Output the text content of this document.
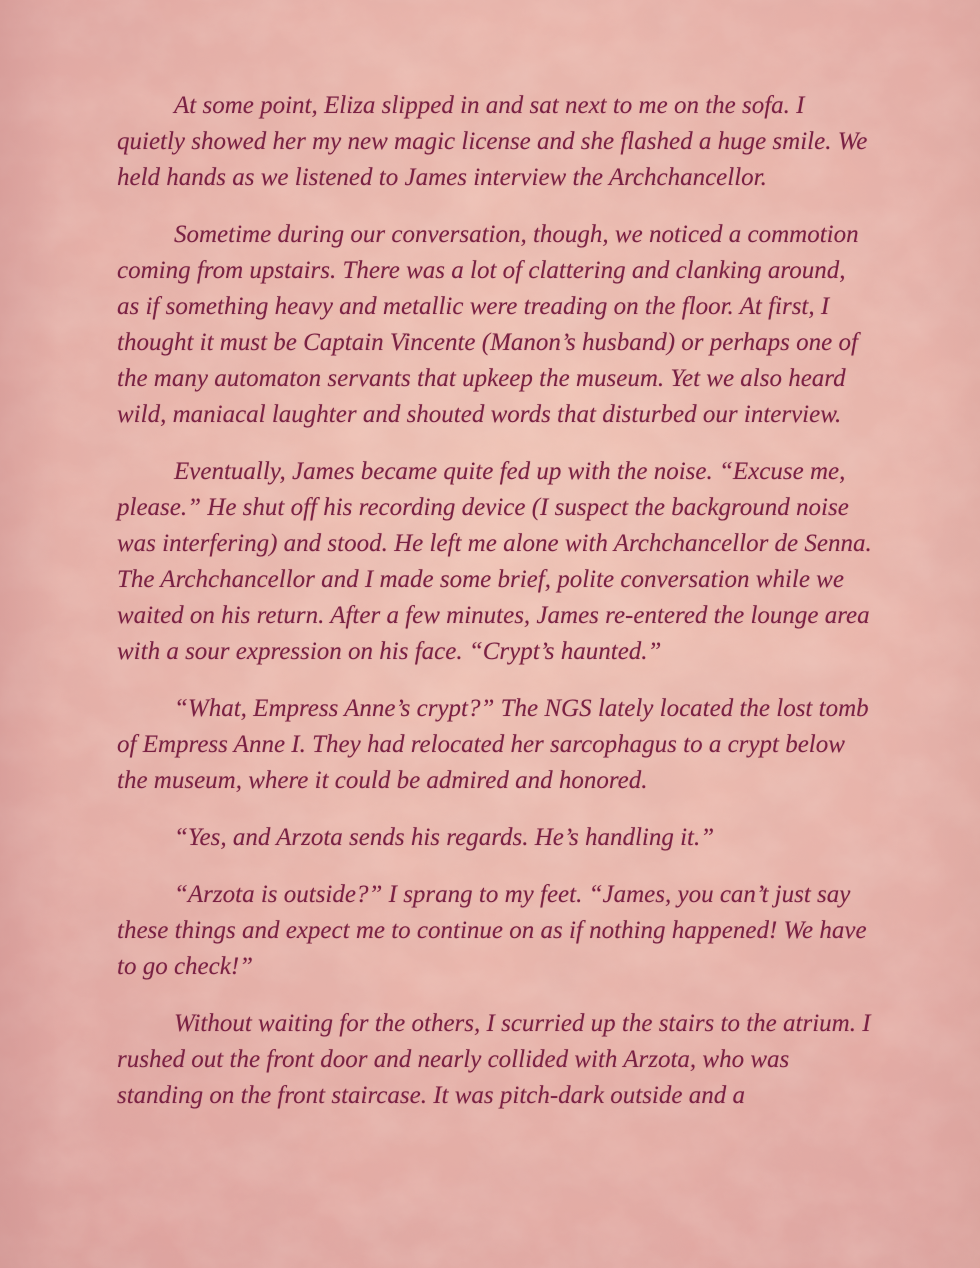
At some point, Eliza slipped in and sat next to me on the sofa. I quietly showed her my new magic license and she flashed a huge smile. We held hands as we listened to James interview the Archchancellor.

Sometime during our conversation, though, we noticed a commotion coming from upstairs. There was a lot of clattering and clanking around, as if something heavy and metallic were treading on the floor. At first, I thought it must be Captain Vincente (Manon’s husband) or perhaps one of the many automaton servants that upkeep the museum. Yet we also heard wild, maniacal laughter and shouted words that disturbed our interview.

Eventually, James became quite fed up with the noise. “Excuse me, please.” He shut off his recording device (I suspect the background noise was interfering) and stood. He left me alone with Archchancellor de Senna. The Archchancellor and I made some brief, polite conversation while we waited on his return. After a few minutes, James re-entered the lounge area with a sour expression on his face. “Crypt’s haunted.”

“What, Empress Anne’s crypt?” The NGS lately located the lost tomb of Empress Anne I. They had relocated her sarcophagus to a crypt below the museum, where it could be admired and honored.

“Yes, and Arzota sends his regards. He’s handling it.”

“Arzota is outside?” I sprang to my feet. “James, you can’t just say these things and expect me to continue on as if nothing happened! We have to go check!”

Without waiting for the others, I scurried up the stairs to the atrium. I rushed out the front door and nearly collided with Arzota, who was standing on the front staircase. It was pitch-dark outside and a
